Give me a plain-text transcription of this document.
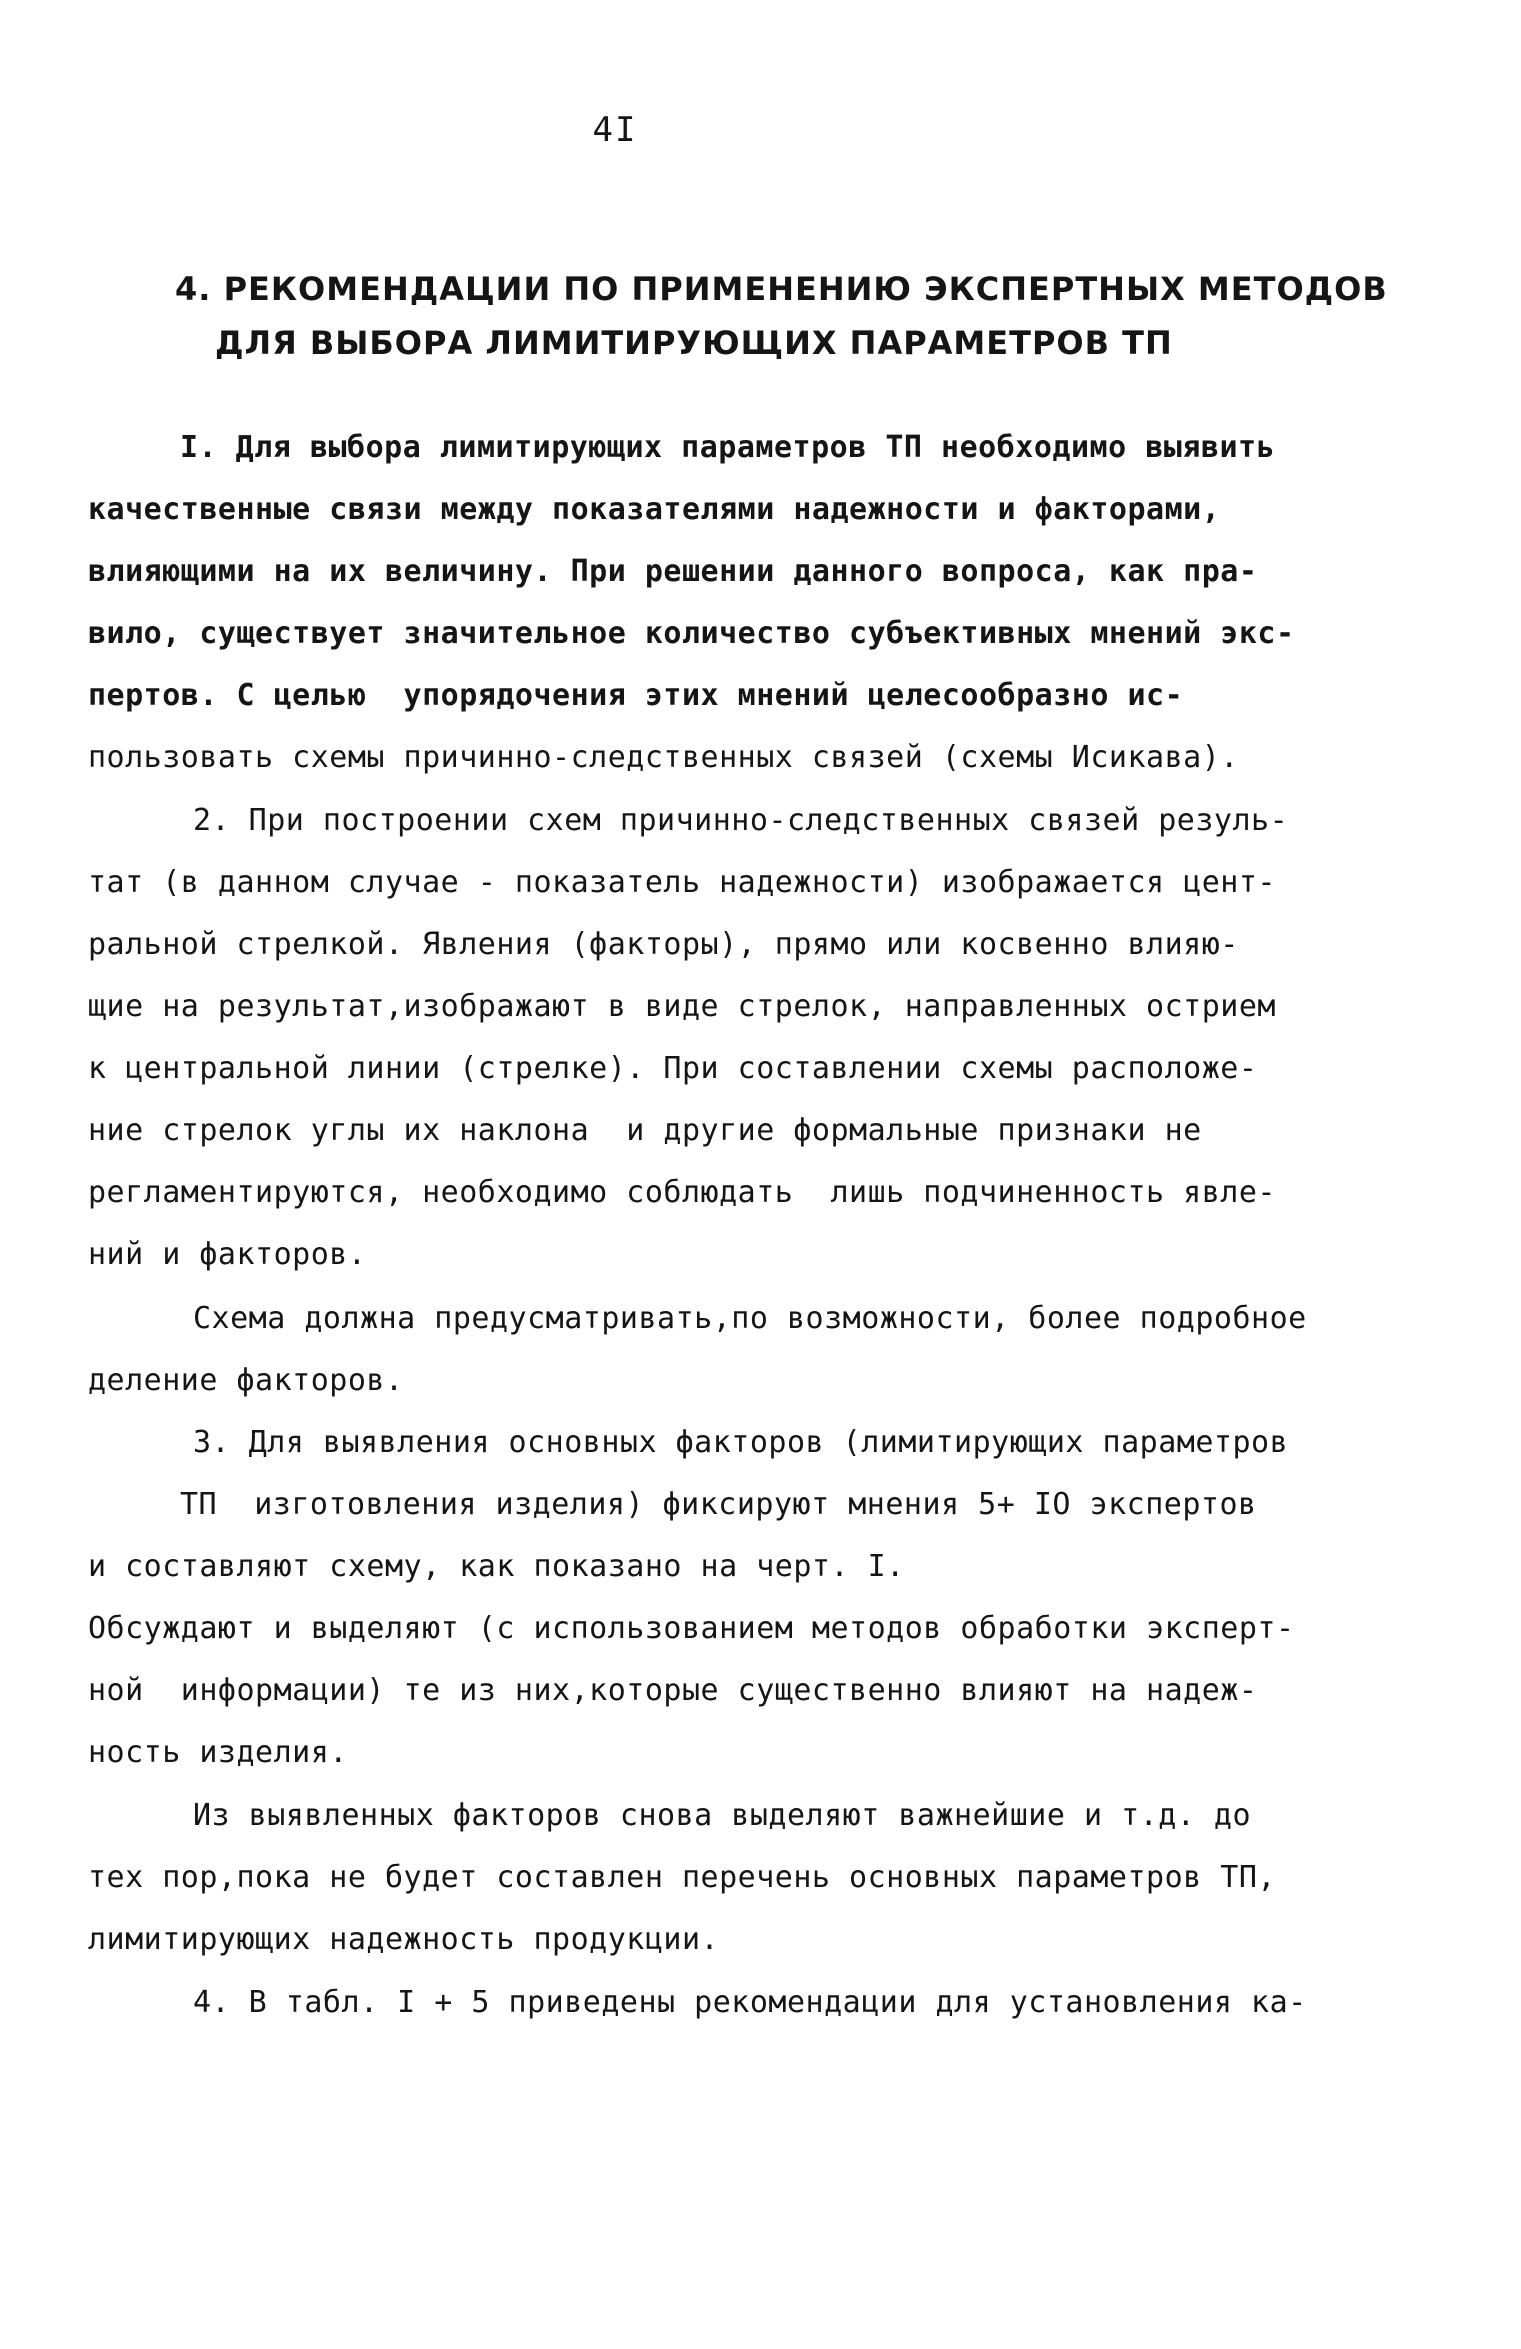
4I
4. РЕКОМЕНДАЦИИ ПО ПРИМЕНЕНИЮ ЭКСПЕРТНЫХ МЕТОДОВ
ДЛЯ ВЫБОРА ЛИМИТИРУЮЩИХ ПАРАМЕТРОВ ТП
I. Для выбора лимитирующих параметров ТП необходимо выявить
качественные связи между показателями надежности и факторами,
влияющими на их величину. При решении данного вопроса, как пра-
вило, существует значительное количество субъективных мнений экс-
пертов. С целью  упорядочения этих мнений целесообразно ис-
пользовать схемы причинно-следственных связей (схемы Исикава).
2. При построении схем причинно-следственных связей резуль-
тат (в данном случае - показатель надежности) изображается цент-
ральной стрелкой. Явления (факторы), прямо или косвенно влияю-
щие на результат,изображают в виде стрелок, направленных острием
к центральной линии (стрелке). При составлении схемы расположе-
ние стрелок углы их наклона  и другие формальные признаки не
регламентируются, необходимо соблюдать  лишь подчиненность явле-
ний и факторов.
Схема должна предусматривать,по возможности, более подробное
деление факторов.
3. Для выявления основных факторов (лимитирующих параметров
ТП  изготовления изделия) фиксируют мнения 5+ IO экспертов
и составляют схему, как показано на черт. I.
Обсуждают и выделяют (с использованием методов обработки эксперт-
ной  информации) те из них,которые существенно влияют на надеж-
ность изделия.
Из выявленных факторов снова выделяют важнейшие и т.д. до
тех пор,пока не будет составлен перечень основных параметров ТП,
лимитирующих надежность продукции.
4. В табл. I + 5 приведены рекомендации для установления ка-
